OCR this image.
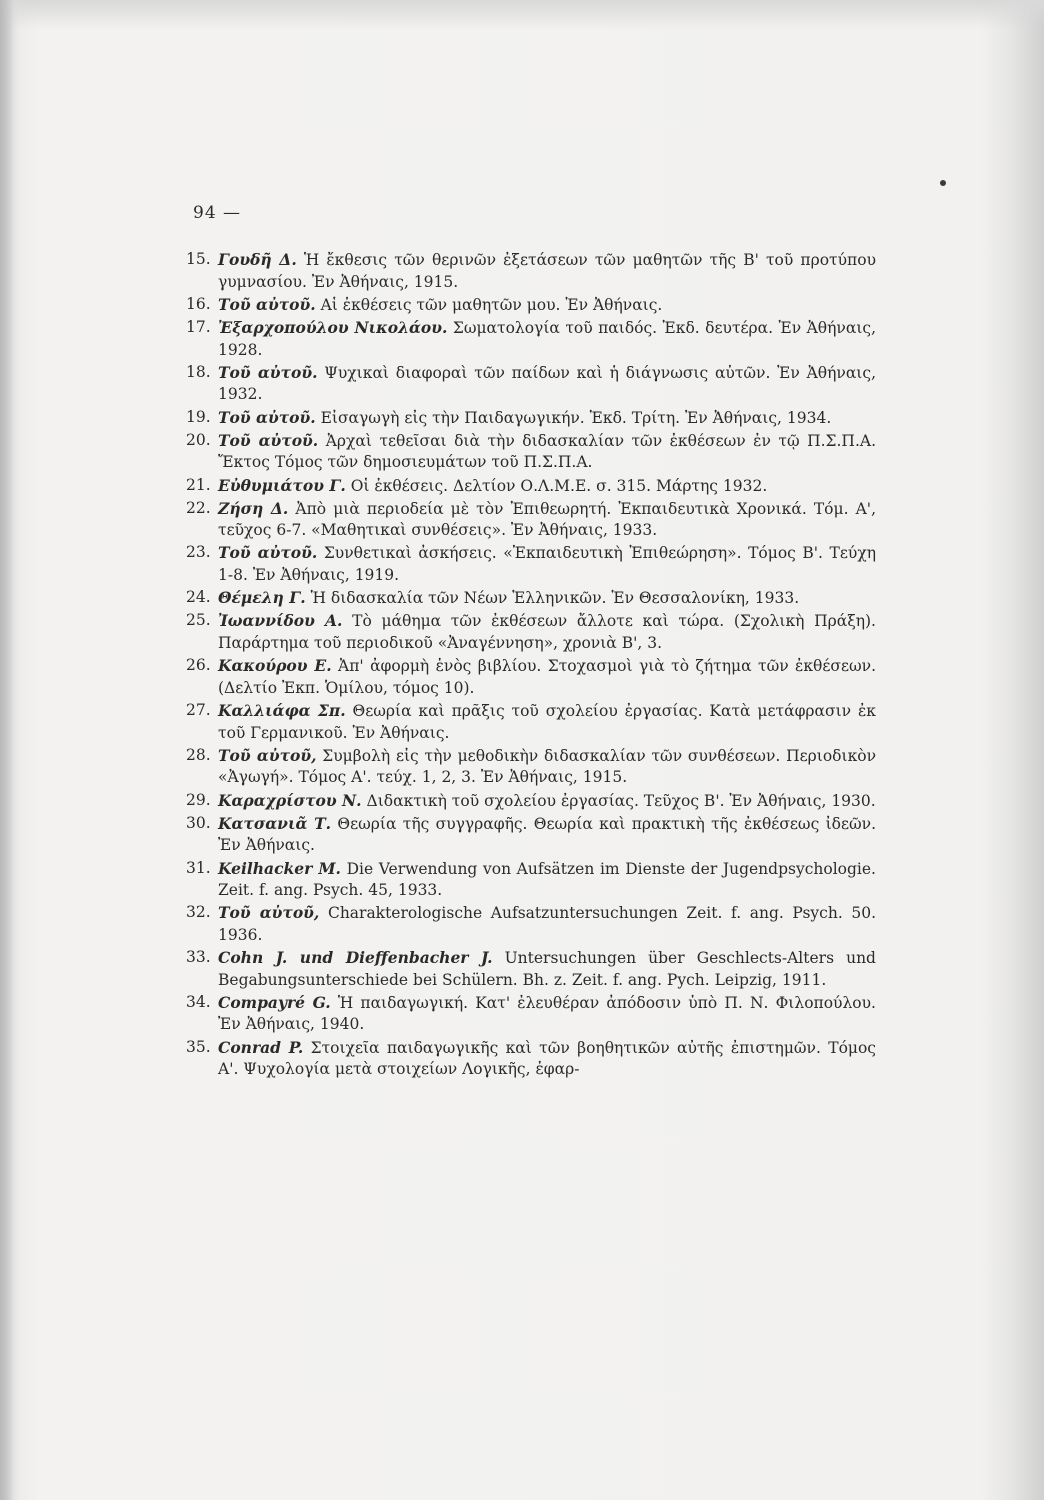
94 —
15. Γουδῆ Δ. Ἡ ἔκθεσις τῶν θερινῶν ἐξετάσεων τῶν μαθητῶν τῆς Β' τοῦ προτύπου γυμνασίου. Ἐν Ἀθήναις, 1915.
16. Τοῦ αὐτοῦ. Αἱ ἐκθέσεις τῶν μαθητῶν μου. Ἐν Ἀθήναις.
17. Ἐξαρχοπούλου Νικολάου. Σωματολογία τοῦ παιδός. Ἐκδ. δευτέρα. Ἐν Ἀθήναις, 1928.
18. Τοῦ αὐτοῦ. Ψυχικαὶ διαφοραὶ τῶν παίδων καὶ ἡ διάγνωσις αὐτῶν. Ἐν Ἀθήναις, 1932.
19. Τοῦ αὐτοῦ. Εἰσαγωγὴ εἰς τὴν Παιδαγωγικήν. Ἐκδ. Τρίτη. Ἐν Ἀθήναις, 1934.
20. Τοῦ αὐτοῦ. Ἀρχαὶ τεθεῖσαι διὰ τὴν διδασκαλίαν τῶν ἐκθέσεων ἐν τῷ Π.Σ.Π.Α. Ἔκτος Τόμος τῶν δημοσιευμάτων τοῦ Π.Σ.Π.Α.
21. Εὐθυμιάτου Γ. Οἱ ἐκθέσεις. Δελτίον Ο.Λ.Μ.Ε. σ. 315. Μάρτης 1932.
22. Ζήση Δ. Ἀπὸ μιὰ περιοδεία μὲ τὸν Ἐπιθεωρητή. Ἐκπαιδευτικὰ Χρονικά. Τόμ. Α', τεῦχος 6-7. «Μαθητικαὶ συνθέσεις». Ἐν Ἀθήναις, 1933.
23. Τοῦ αὐτοῦ. Συνθετικαὶ ἀσκήσεις. «Ἐκπαιδευτικὴ Ἐπιθεώρηση». Τόμος Β'. Τεύχη 1-8. Ἐν Ἀθήναις, 1919.
24. Θέμελη Γ. Ἡ διδασκαλία τῶν Νέων Ἑλληνικῶν. Ἐν Θεσσαλονίκη, 1933.
25. Ἰωαννίδου Α. Τὸ μάθημα τῶν ἐκθέσεων ἄλλοτε καὶ τώρα. (Σχολικὴ Πράξη). Παράρτημα τοῦ περιοδικοῦ «Ἀναγέννηση», χρονιὰ Β', 3.
26. Κακούρου Ε. Ἀπ' ἀφορμὴ ἑνὸς βιβλίου. Στοχασμοὶ γιὰ τὸ ζήτημα τῶν ἐκθέσεων. (Δελτίο Ἐκπ. Ὁμίλου, τόμος 10).
27. Καλλιάφα Σπ. Θεωρία καὶ πρᾶξις τοῦ σχολείου ἐργασίας. Κατὰ μετάφρασιν ἐκ τοῦ Γερμανικοῦ. Ἐν Ἀθήναις.
28. Τοῦ αὐτοῦ, Συμβολὴ εἰς τὴν μεθοδικὴν διδασκαλίαν τῶν συνθέσεων. Περιοδικὸν «Ἀγωγή». Τόμος Α'. τεύχ. 1, 2, 3. Ἐν Ἀθήναις, 1915.
29. Καραχρίστου Ν. Διδακτικὴ τοῦ σχολείου ἐργασίας. Τεῦχος Β'. Ἐν Ἀθήναις, 1930.
30. Κατσανιᾶ Τ. Θεωρία τῆς συγγραφῆς. Θεωρία καὶ πρακτικὴ τῆς ἐκθέσεως ἰδεῶν. Ἐν Ἀθήναις.
31. Keilhacker M. Die Verwendung von Aufsätzen im Dienste der Jugendpsychologie. Zeit. f. ang. Psych. 45, 1933.
32. Τοῦ αὐτοῦ, Charakterologische Aufsatzuntersuchungen Zeit. f. ang. Psych. 50. 1936.
33. Cohn J. und Dieffenbacher J. Untersuchungen über Geschlects-Alters und Begabungsunterschiede bei Schülern. Bh. z. Zeit. f. ang. Pych. Leipzig, 1911.
34. Compayré G. Ἡ παιδαγωγική. Κατ' ἐλευθέραν ἀπόδοσιν ὑπὸ Π. Ν. Φιλοπούλου. Ἐν Ἀθήναις, 1940.
35. Conrad P. Στοιχεῖα παιδαγωγικῆς καὶ τῶν βοηθητικῶν αὐτῆς ἐπιστημῶν. Τόμος Α'. Ψυχολογία μετὰ στοιχείων Λογικῆς, ἐφαρ-
